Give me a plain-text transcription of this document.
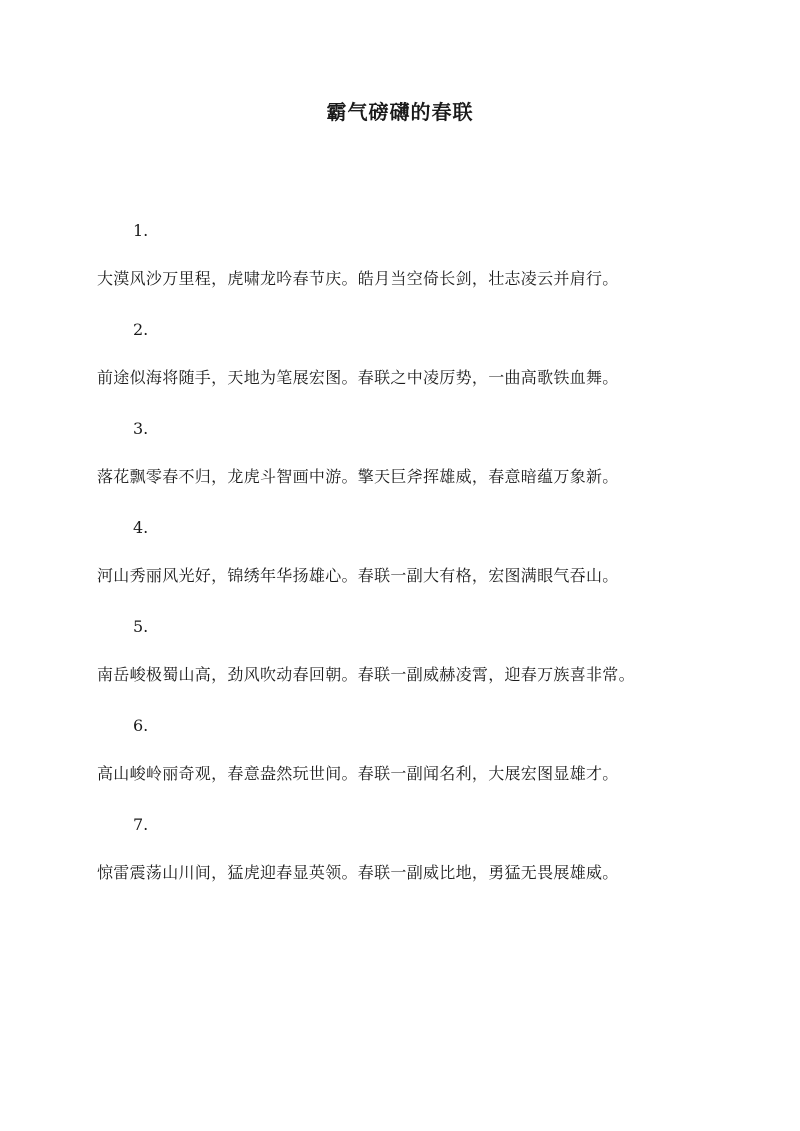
霸气磅礴的春联
1.
大漠风沙万里程，虎啸龙吟春节庆。皓月当空倚长剑，壮志凌云并肩行。
2.
前途似海将随手，天地为笔展宏图。春联之中凌厉势，一曲高歌铁血舞。
3.
落花飘零春不归，龙虎斗智画中游。擎天巨斧挥雄威，春意暗蕴万象新。
4.
河山秀丽风光好，锦绣年华扬雄心。春联一副大有格，宏图满眼气吞山。
5.
南岳峻极蜀山高，劲风吹动春回朝。春联一副威赫凌霄，迎春万族喜非常。
6.
高山峻岭丽奇观，春意盎然玩世间。春联一副闻名利，大展宏图显雄才。
7.
惊雷震荡山川间，猛虎迎春显英领。春联一副威比地，勇猛无畏展雄威。
